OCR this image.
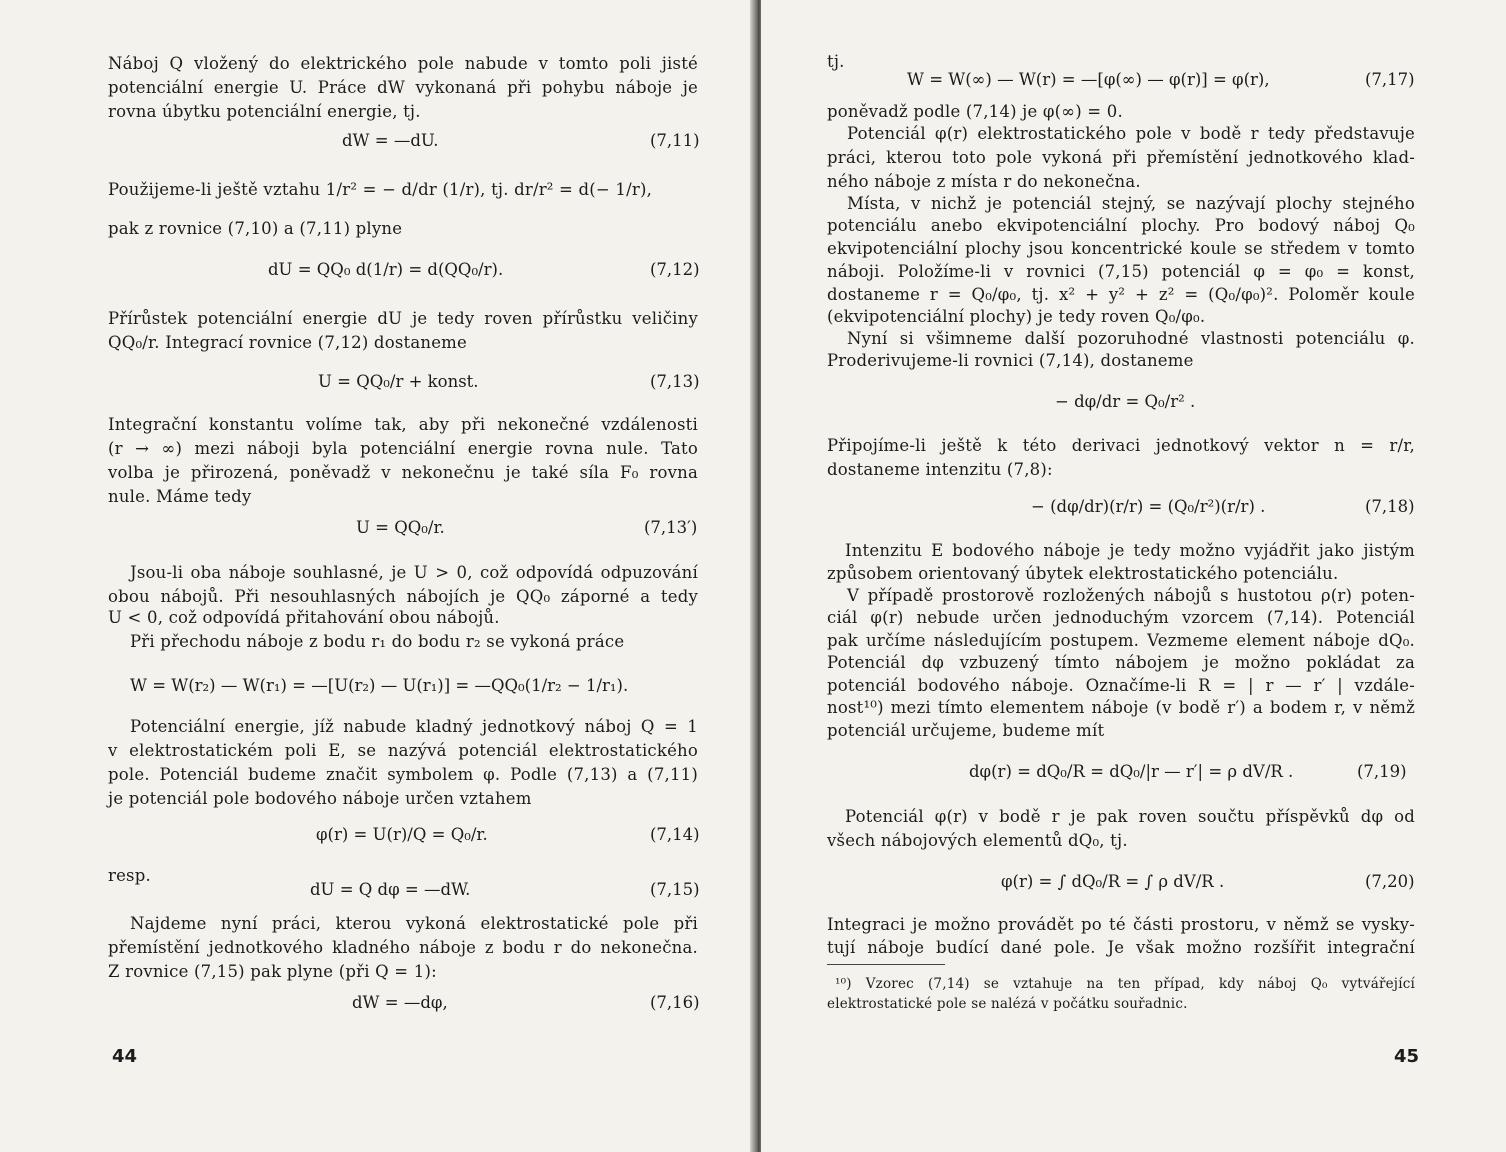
Náboj Q vložený do elektrického pole nabude v tomto poli jisté
potenciální energie U. Práce dW vykonaná při pohybu náboje je
rovna úbytku potenciální energie, tj.
dW = —dU.	(7,11)
Použijeme-li ještě vztahu 1/r² = − d/dr (1/r), tj. dr/r² = d(− 1/r),
pak z rovnice (7,10) a (7,11) plyne
dU = QQ₀ d(1/r) = d(QQ₀/r).	(7,12)
Přírůstek potenciální energie dU je tedy roven přírůstku veličiny
QQ₀/r. Integrací rovnice (7,12) dostaneme
U = QQ₀/r + konst.	(7,13)
Integrační konstantu volíme tak, aby při nekonečné vzdálenosti
(r → ∞) mezi náboji byla potenciální energie rovna nule. Tato
volba je přirozená, poněvadž v nekonečnu je také síla F₀ rovna
nule. Máme tedy
U = QQ₀/r.	(7,13′)
Jsou-li oba náboje souhlasné, je U > 0, což odpovídá odpuzování
obou nábojů. Při nesouhlasných nábojích je QQ₀ záporné a tedy
U < 0, což odpovídá přitahování obou nábojů.
Při přechodu náboje z bodu r₁ do bodu r₂ se vykoná práce
W = W(r₂) — W(r₁) = —[U(r₂) — U(r₁)] = —QQ₀(1/r₂ − 1/r₁).
Potenciální energie, jíž nabude kladný jednotkový náboj Q = 1
v elektrostatickém poli E, se nazývá potenciál elektrostatického
pole. Potenciál budeme značit symbolem φ. Podle (7,13) a (7,11)
je potenciál pole bodového náboje určen vztahem
φ(r) = U(r)/Q = Q₀/r.	(7,14)
resp.
dU = Q dφ = —dW.	(7,15)
Najdeme nyní práci, kterou vykoná elektrostatické pole při
přemístění jednotkového kladného náboje z bodu r do nekonečna.
Z rovnice (7,15) pak plyne (při Q = 1):
dW = —dφ,	(7,16)
44
tj.
W = W(∞) — W(r) = —[φ(∞) — φ(r)] = φ(r),	(7,17)
poněvadž podle (7,14) je φ(∞) = 0.
Potenciál φ(r) elektrostatického pole v bodě r tedy představuje
práci, kterou toto pole vykoná při přemístění jednotkového klad-
ného náboje z místa r do nekonečna.
Místa, v nichž je potenciál stejný, se nazývají plochy stejného
potenciálu anebo ekvipotenciální plochy. Pro bodový náboj Q₀
ekvipotenciální plochy jsou koncentrické koule se středem v tomto
náboji. Položíme-li v rovnici (7,15) potenciál φ = φ₀ = konst,
dostaneme r = Q₀/φ₀, tj. x² + y² + z² = (Q₀/φ₀)². Poloměr koule
(ekvipotenciální plochy) je tedy roven Q₀/φ₀.
Nyní si všimneme další pozoruhodné vlastnosti potenciálu φ.
Proderivujeme-li rovnici (7,14), dostaneme
− dφ/dr = Q₀/r² .
Připojíme-li ještě k této derivaci jednotkový vektor n = r/r,
dostaneme intenzitu (7,8):
− (dφ/dr)(r/r) = (Q₀/r²)(r/r) .	(7,18)
Intenzitu E bodového náboje je tedy možno vyjádřit jako jistým
způsobem orientovaný úbytek elektrostatického potenciálu.
V případě prostorově rozložených nábojů s hustotou ρ(r) poten-
ciál φ(r) nebude určen jednoduchým vzorcem (7,14). Potenciál
pak určíme následujícím postupem. Vezmeme element náboje dQ₀.
Potenciál dφ vzbuzený tímto nábojem je možno pokládat za
potenciál bodového náboje. Označíme-li R = | r — r′ | vzdále-
nost¹⁰) mezi tímto elementem náboje (v bodě r′) a bodem r, v němž
potenciál určujeme, budeme mít
dφ(r) = dQ₀/R = dQ₀/|r — r′| = ρ dV/R .	(7,19)
Potenciál φ(r) v bodě r je pak roven součtu příspěvků dφ od
všech nábojových elementů dQ₀, tj.
φ(r) = ∫ dQ₀/R = ∫ ρ dV/R .	(7,20)
Integraci je možno provádět po té části prostoru, v němž se vysky-
tují náboje budící dané pole. Je však možno rozšířit integrační
¹⁰) Vzorec (7,14) se vztahuje na ten případ, kdy náboj Q₀ vytvářející
elektrostatické pole se nalézá v počátku souřadnic.
45
